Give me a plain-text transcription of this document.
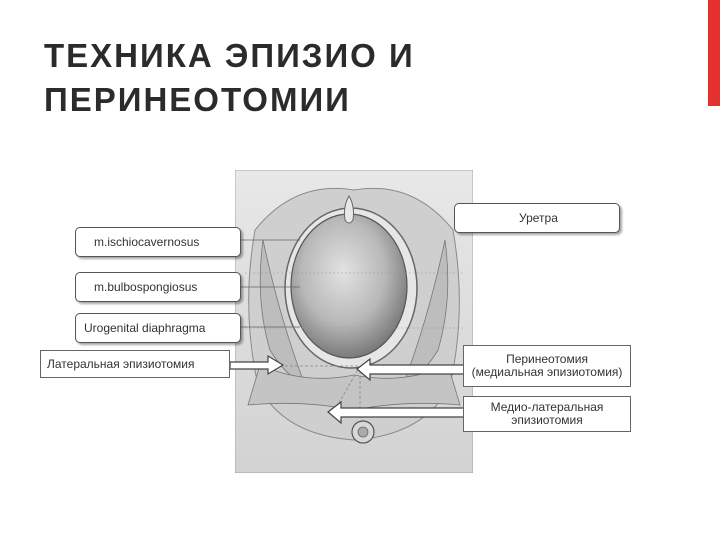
ТЕХНИКА ЭПИЗИО И
ПЕРИНЕОТОМИИ
Уретра
m.ischiocavernosus
m.bulbospongiosus
Urogenital diaphragma
Латеральная эпизиотомия	Перинеотомия
(медиальная эпизиотомия)
Медио-латеральная
эпизиотомия
